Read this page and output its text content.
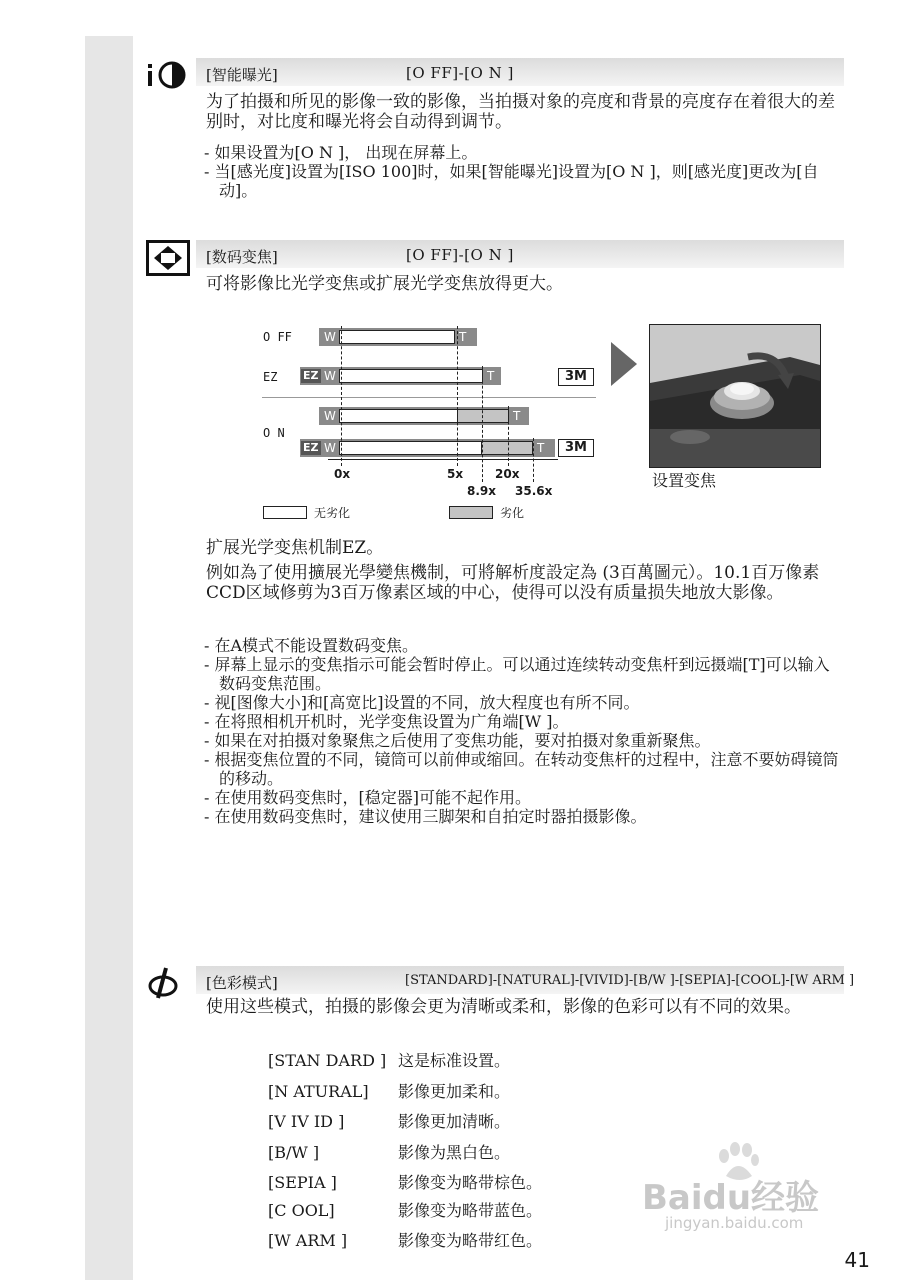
[智能曝光]	[O FF]-[O N ]
为了拍摄和所见的影像一致的影像，当拍摄对象的亮度和背景的亮度存在着很大的差别时，对比度和曝光将会自动得到调节。
- 如果设置为[O N ]， 出现在屏幕上。
- 当[感光度]设置为[ISO 100]时，如果[智能曝光]设置为[O N ]，则[感光度]更改为[自动]。
[数码变焦]	[O FF]-[O N ]
可将影像比光学变焦或扩展光学变焦放得更大。
O FF
EZ
O N
W	T
EZ W	T	3M
W	T
EZ W	T	3M
0x	5x	20x
8.9x 35.6x
无劣化	劣化
设置变焦
扩展光学变焦机制EZ。
例如為了使用擴展光學變焦機制，可將解析度設定為 (3百萬圖元）。10.1百万像素CCD区域修剪为3百万像素区域的中心，使得可以没有质量损失地放大影像。
- 在A模式不能设置数码变焦。
- 屏幕上显示的变焦指示可能会暂时停止。可以通过连续转动变焦杆到远摄端[T]可以输入数码变焦范围。
- 视[图像大小]和[高宽比]设置的不同，放大程度也有所不同。
- 在将照相机开机时，光学变焦设置为广角端[W ]。
- 如果在对拍摄对象聚焦之后使用了变焦功能，要对拍摄对象重新聚焦。
- 根据变焦位置的不同，镜筒可以前伸或缩回。在转动变焦杆的过程中，注意不要妨碍镜筒的移动。
- 在使用数码变焦时，[稳定器]可能不起作用。
- 在使用数码变焦时，建议使用三脚架和自拍定时器拍摄影像。
[色彩模式]	[STANDARD]-[NATURAL]-[VIVID]-[B/W ]-[SEPIA]-[COOL]-[W ARM ]
使用这些模式，拍摄的影像会更为清晰或柔和，影像的色彩可以有不同的效果。
[STAN DARD ] 这是标准设置。
[N ATURAL] 影像更加柔和。
[V IV ID ]	影像更加清晰。
[B/W ]	影像为黑白色。
[SEPIA ]	影像变为略带棕色。
[C OOL]	影像变为略带蓝色。
[W ARM ]	影像变为略带红色。
Baidu经验
jingyan.baidu.com
41
